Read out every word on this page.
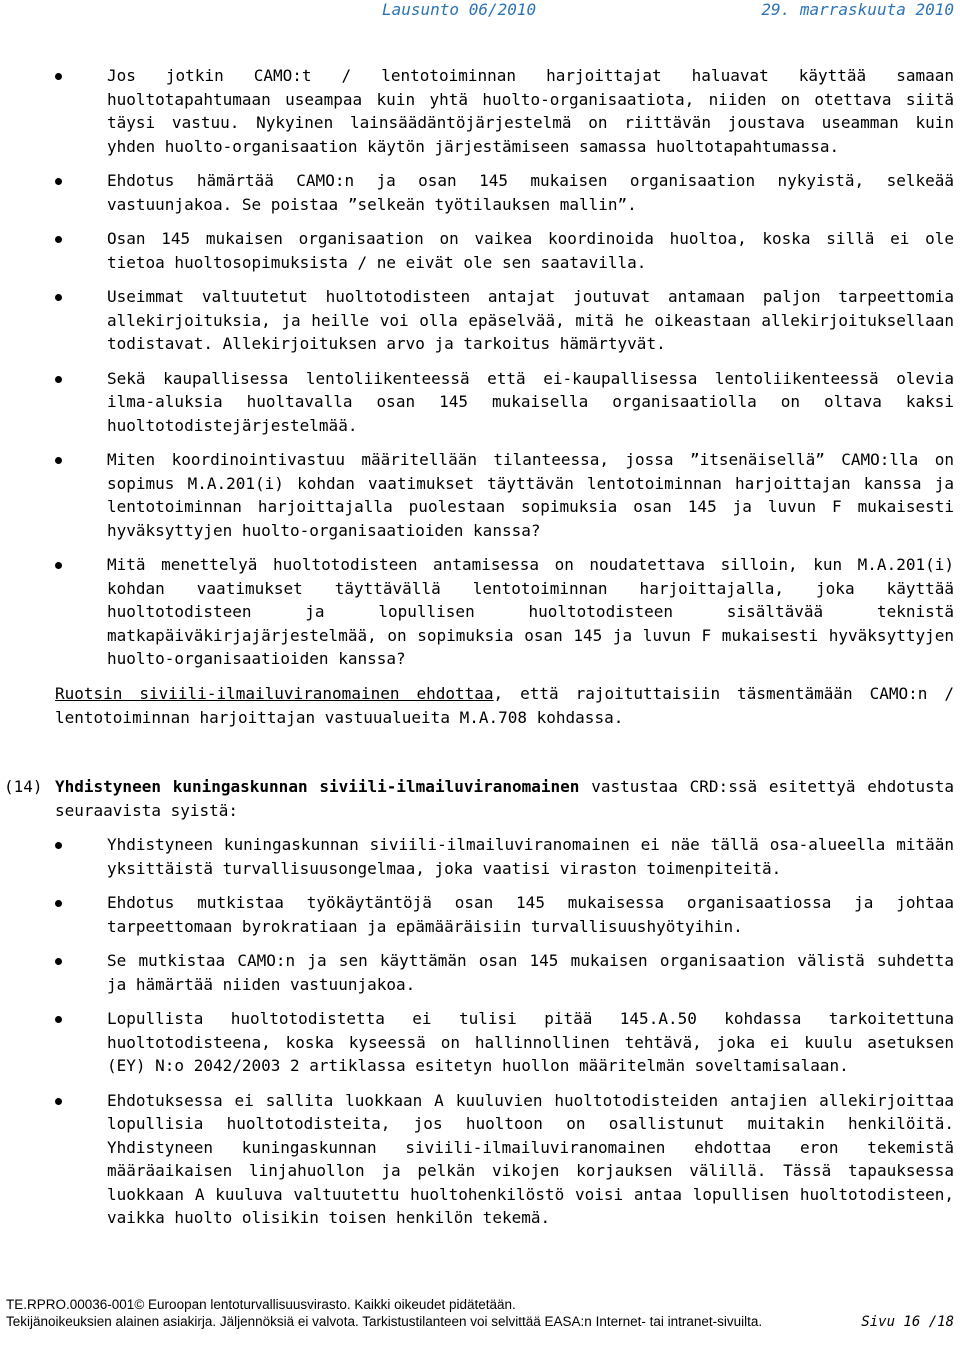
Lausunto 06/2010	29. marraskuuta 2010
Jos jotkin CAMO:t / lentotoiminnan harjoittajat haluavat käyttää samaan huoltotapahtumaan useampaa kuin yhtä huolto-organisaatiota, niiden on otettava siitä täysi vastuu. Nykyinen lainsäädäntöjärjestelmä on riittävän joustava useamman kuin yhden huolto-organisaation käytön järjestämiseen samassa huoltotapahtumassa.
Ehdotus hämärtää CAMO:n ja osan 145 mukaisen organisaation nykyistä, selkeää vastuunjakoa. Se poistaa ”selkeän työtilauksen mallin”.
Osan 145 mukaisen organisaation on vaikea koordinoida huoltoa, koska sillä ei ole tietoa huoltosopimuksista / ne eivät ole sen saatavilla.
Useimmat valtuutetut huoltotodisteen antajat joutuvat antamaan paljon tarpeettomia allekirjoituksia, ja heille voi olla epäselvää, mitä he oikeastaan allekirjoituksellaan todistavat. Allekirjoituksen arvo ja tarkoitus hämärtyvät.
Sekä kaupallisessa lentoliikenteessä että ei-kaupallisessa lentoliikenteessä olevia ilma-aluksia huoltavalla osan 145 mukaisella organisaatiolla on oltava kaksi huoltotodistejärjestelmää.
Miten koordinointivastuu määritellään tilanteessa, jossa ”itsenäisellä” CAMO:lla on sopimus M.A.201(i) kohdan vaatimukset täyttävän lentotoiminnan harjoittajan kanssa ja lentotoiminnan harjoittajalla puolestaan sopimuksia osan 145 ja luvun F mukaisesti hyväksyttyjen huolto-organisaatioiden kanssa?
Mitä menettelyä huoltotodisteen antamisessa on noudatettava silloin, kun M.A.201(i) kohdan vaatimukset täyttävällä lentotoiminnan harjoittajalla, joka käyttää huoltotodisteen ja lopullisen huoltotodisteen sisältävää teknistä matkapäiväkirjajärjestelmää, on sopimuksia osan 145 ja luvun F mukaisesti hyväksyttyjen huolto-organisaatioiden kanssa?

Ruotsin siviili-ilmailuviranomainen ehdottaa, että rajoituttaisiin täsmentämään CAMO:n / lentotoiminnan harjoittajan vastuualueita M.A.708 kohdassa.

(14) Yhdistyneen kuningaskunnan siviili-ilmailuviranomainen vastustaa CRD:ssä esitettyä ehdotusta seuraavista syistä:

Yhdistyneen kuningaskunnan siviili-ilmailuviranomainen ei näe tällä osa-alueella mitään yksittäistä turvallisuusongelmaa, joka vaatisi viraston toimenpiteitä.
Ehdotus mutkistaa työkäytäntöjä osan 145 mukaisessa organisaatiossa ja johtaa tarpeettomaan byrokratiaan ja epämääräisiin turvallisuushyötyihin.
Se mutkistaa CAMO:n ja sen käyttämän osan 145 mukaisen organisaation välistä suhdetta ja hämärtää niiden vastuunjakoa.
Lopullista huoltotodistetta ei tulisi pitää 145.A.50 kohdassa tarkoitettuna huoltotodisteena, koska kyseessä on hallinnollinen tehtävä, joka ei kuulu asetuksen (EY) N:o 2042/2003 2 artiklassa esitetyn huollon määritelmän soveltamisalaan.
Ehdotuksessa ei sallita luokkaan A kuuluvien huoltotodisteiden antajien allekirjoittaa lopullisia huoltotodisteita, jos huoltoon on osallistunut muitakin henkilöitä. Yhdistyneen kuningaskunnan siviili-ilmailuviranomainen ehdottaa eron tekemistä määräaikaisen linjahuollon ja pelkän vikojen korjauksen välillä. Tässä tapauksessa luokkaan A kuuluva valtuutettu huoltohenkilöstö voisi antaa lopullisen huoltotodisteen, vaikka huolto olisikin toisen henkilön tekemä.
TE.RPRO.00036-001© Euroopan lentoturvallisuusvirasto. Kaikki oikeudet pidätetään.
Tekijänoikeuksien alainen asiakirja. Jäljennöksiä ei valvota. Tarkistustilanteen voi selvittää EASA:n Internet- tai intranet-sivuilta.	Sivu 16 /18
